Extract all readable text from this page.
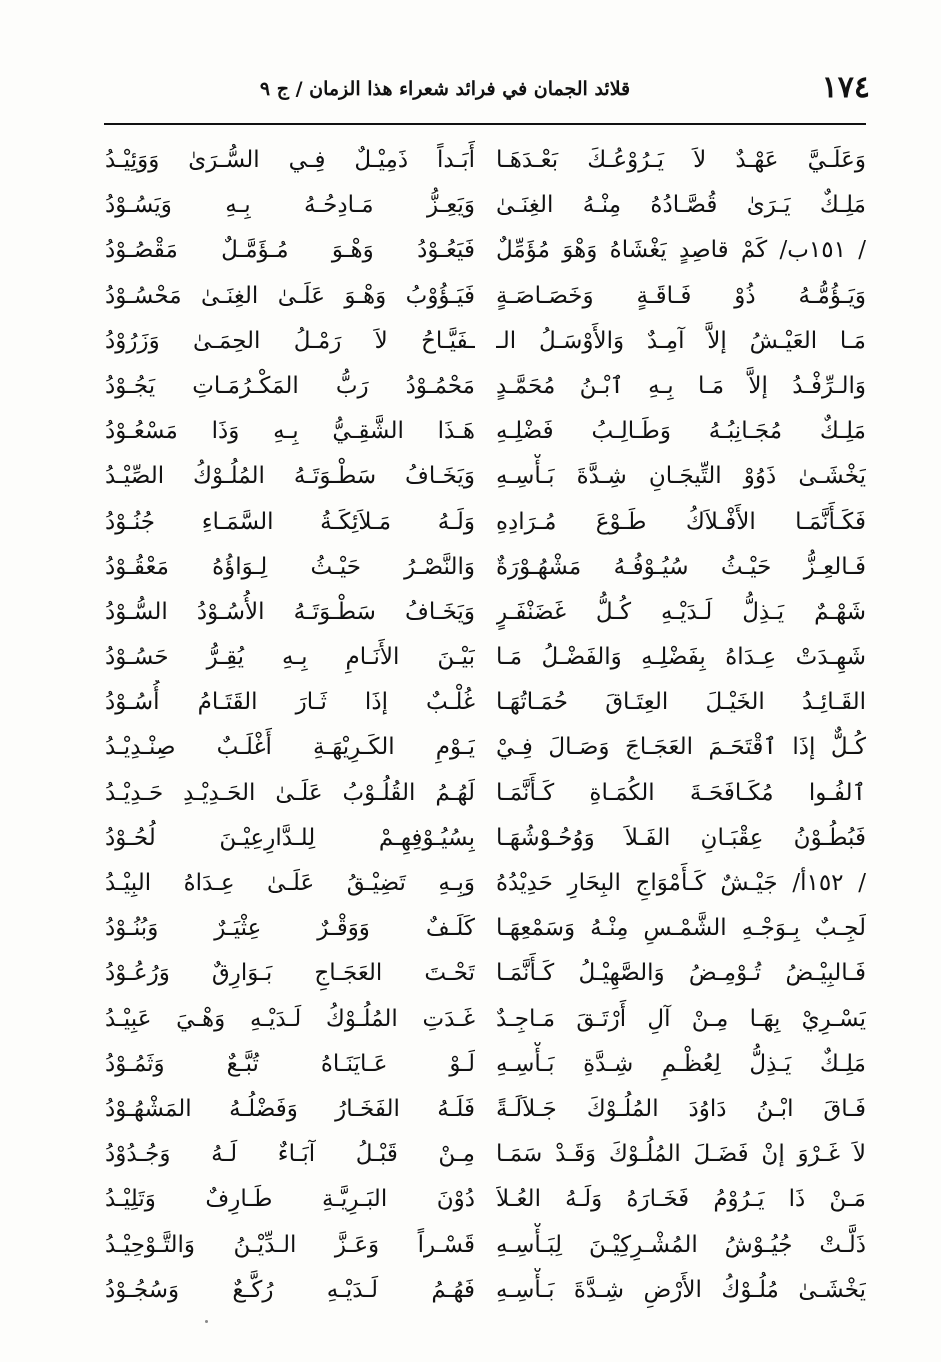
١٧٤
قلائد الجمان في فرائد شعراء هذا الزمان / ج ٩
وَعَلَـيَّ عَهْـدٌ لاَ يَـرُوْعُـكَ بَعْـدَهَـا
مَلِـكٌ يَـرَىٰ قُصَّـادُهُ مِنْـهُ الغِنَـىٰ
/ ١٥١ب/ كَمْ قاصِدٍ يَغْشَاهُ وَهْوَ مُؤَمِّلٌ
وَيَـؤُمُّـهُ ذُوْ فَـاقَـةٍ وَخَصَـاصَـةٍ
مَـا العَيْـشُ إلاَّ آمِـدٌ وَالأَوْسَـلُ الـ
وَالـرِّفْـدُ إلاَّ مَـا بِـهِ ٱبْـنُ مُحَمَّـدٍ
مَلِـكٌ مُجَـانِبُـهُ وَطَـالِـبُ فَضْلِـهِ
يَخْشَـىٰ ذَوُوْ التِّيجَـانِ شِـدَّةَ بَـأْسِـهِ
فَكَـأَنَّمَـا الأَفْـلاَكُ طَـوْعَ مُـرَادِهِ
فَـالعِـزُّ حَيْـثُ سُيُـوْفُـهُ مَشْهُـوْرَةٌ
شَهْـمٌ يَـذِلُّ لَـدَيْـهِ كُـلُّ غَضَنْفَـرٍ
شَهِـدَتْ عِـدَاهُ بِفَضْلِـهِ وَالفَضْـلُ مَـا
القَـائِـدُ الخَيْـلَ العِتَـاقَ حُمَـاتُهَـا
كُـلٌّ إذَا ٱقْتَحَـمَ العَجَـاجَ وَصَـالَ فِـيْ
ٱلفُـوا مُكَـافَحَـةَ الكُمَـاةِ كَـأَنَّمَـا
فَبُطُـوْنُ عِقْبَـانِ الفَـلاَ وَوُحُـوْشُهَـا
/ ١٥٢أ/ جَيْـشٌ كَـأَمْوَاجِ البِحَارِ حَدِيْدُهُ
لَجِـبٌ بِـوَجْـهِ الشَّمْـسِ مِنْـهُ وَسَمْعِهَـا
فَـالبِيْـضُ تُـوْمِـضُ وَالصَّهِيْـلُ كَـأَنَّمَـا
يَسْـرِيْ بِهَـا مِـنْ آلِ أَرْتَـقَ مَـاجِـدٌ
مَلِـكٌ يَـذِلُّ لِعُظْـمِ شِـدَّةِ بَـأْسِـهِ
فَـاقَ ابْـنُ دَاوُدَ المُلُـوْكَ جَـلاَلَـةً
لاَ غَـرْوَ إنْ فَضَـلَ المُلُـوْكَ وَقَـدْ سَمَـا
مَـنْ ذَا يَـرُوْمُ فَخَـارَهُ وَلَـهُ العُـلاَ
ذَلَّـتْ جُيُـوْشُ المُشْـرِكِيْـنَ لِبَـأْسِـهِ
يَخْشَـىٰ مُلُـوْكُ الأَرْضِ شِـدَّةَ بَـأْسِـهِ
أَبَـداً ذَمِيْـلٌ فِـي السُّـرَىٰ وَوَئِيْـدُ
وَيَعِـزُّ مَـادِحُـهُ بِـهِ وَيَسُـوْدُ
فَيَعُـوْدُ وَهْـوَ مُـؤَمَّـلٌ مَقْصُـوْدُ
فَيَـؤُوْبُ وَهْـوَ عَلَـىٰ الغِنَـىٰ مَحْسُـوْدُ
ـفَيَّـاحُ لاَ رَمْـلُ الحِمَـىٰ وَزَرُوْدُ
مَحْمُـوْدُ رَبُّ المَكْـرُمَـاتِ يَجُـوْدُ
هَـذَا الشَّقِـيُّ بِـهِ وَذَا مَسْعُـوْدُ
وَيَخَـافُ سَطْـوَتَـهُ المُلُـوْكُ الصِّيْـدُ
وَلَـهُ مَـلاَئِكَـةُ السَّمَـاءِ جُنُـوْدُ
وَالنَّصْـرُ حَيْـثُ لِـوَاؤُهُ مَعْقُـوْدُ
وَيَخَـافُ سَطْـوَتَـهُ الأُسُـوْدُ السُّـوْدُ
بَيْـنَ الأَنَـامِ بِـهِ يُقِـرُّ حَسُـوْدُ
غُلْـبٌ إذَا ثَـارَ القَتَـامُ أُسُـوْدُ
يَـوْمِ الكَـرِيْهَـةِ أَغْلَـبٌ صِنْـدِيْـدُ
لَهُـمُ القُلُـوْبُ عَلَـىٰ الحَـدِيْـدِ حَـدِيْـدُ
بِسُيُـوْفِهِـمْ لِلـدَّارِعِيْـنَ لُحُـوْدُ
وَبِـهِ تَضِيْـقُ عَلَـىٰ عِـدَاهُ البِيْـدُ
كَلَـفٌ وَوَقْـرٌ عِثْيَـرٌ وَبُنُـوْدُ
تَحْـتَ العَجَـاجِ بَـوَارِقٌ وَرُعُـوْدُ
غَـدَتِ المُلُـوْكُ لَـدَيْـهِ وَهْـيَ عَبِيْـدُ
لَـوْ عَـايَنَـاهُ تُبَّـعٌ وَثَمُـوْدُ
فَلَـهُ الفَخَـارُ وَفَضْلُـهُ المَشْهُـوْدُ
مِـنْ قَبْـلُ آبَـاءٌ لَـهُ وَجُـدُوْدُ
دُوْنَ البَـرِيَّـةِ طَـارِفٌ وَتَلِيْـدُ
قَسْـراً وَعَـزَّ الـدِّيْـنُ وَالتَّـوْحِيْـدُ
فَهُـمُ لَـدَيْـهِ رُكَّـعٌ وَسُجُـوْدُ
